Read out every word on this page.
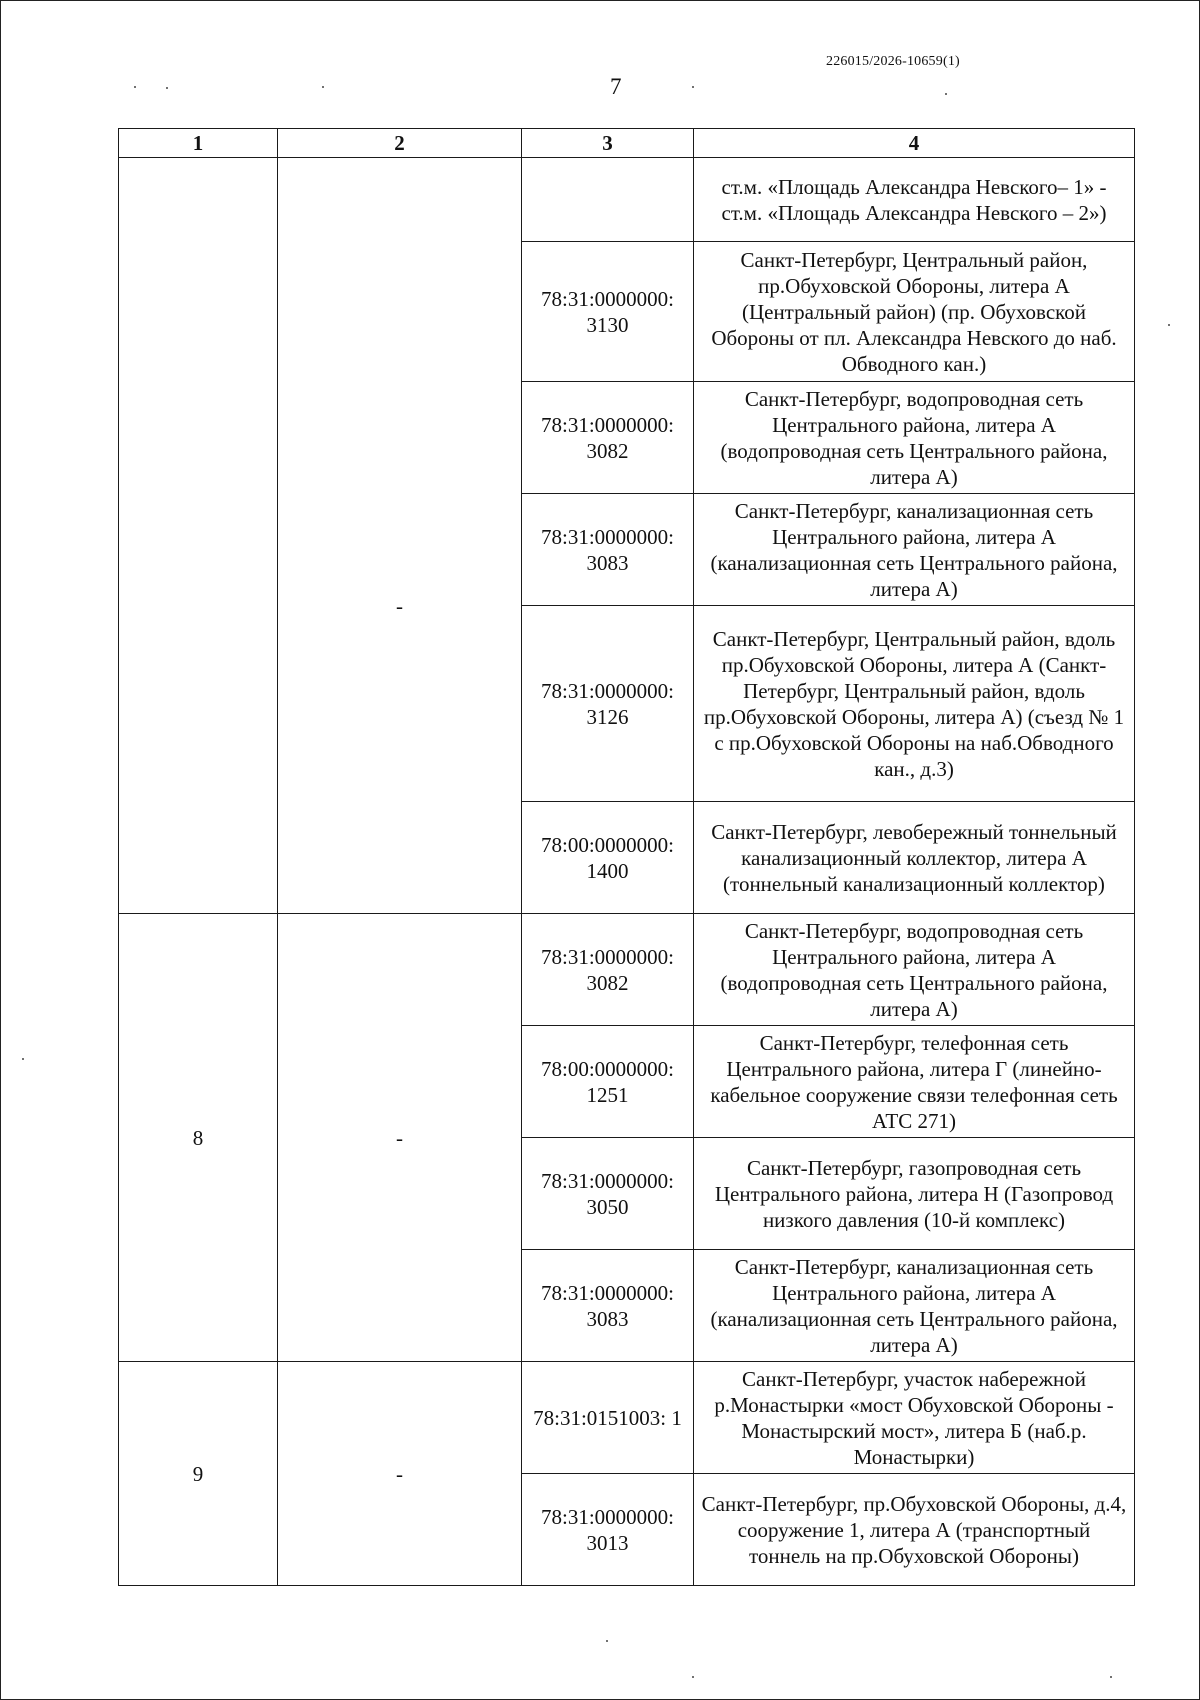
226015/2026-10659(1)
7
1	2	3	4
	-		ст.м. «Площадь Александра Невского– 1» - ст.м. «Площадь Александра Невского – 2»)
		78:31:0000000: 3130	Санкт-Петербург, Центральный район, пр.Обуховской Обороны, литера А (Центральный район) (пр. Обуховской Обороны от пл. Александра Невского до наб. Обводного кан.)
		78:31:0000000: 3082	Санкт-Петербург, водопроводная сеть Центрального района, литера А (водопроводная сеть Центрального района, литера А)
		78:31:0000000: 3083	Санкт-Петербург, канализационная сеть Центрального района, литера А (канализационная сеть Центрального района, литера А)
		78:31:0000000: 3126	Санкт-Петербург, Центральный район, вдоль пр.Обуховской Обороны, литера А (Санкт-Петербург, Центральный район, вдоль пр.Обуховской Обороны, литера А) (съезд № 1 с пр.Обуховской Обороны на наб.Обводного кан., д.3)
		78:00:0000000: 1400	Санкт-Петербург, левобережный тоннельный канализационный коллектор, литера А (тоннельный канализационный коллектор)
8	-	78:31:0000000: 3082	Санкт-Петербург, водопроводная сеть Центрального района, литера А (водопроводная сеть Центрального района, литера А)
		78:00:0000000: 1251	Санкт-Петербург, телефонная сеть Центрального района, литера Г (линейно-кабельное сооружение связи телефонная сеть АТС 271)
		78:31:0000000: 3050	Санкт-Петербург, газопроводная сеть Центрального района, литера Н (Газопровод низкого давления (10-й комплекс)
		78:31:0000000: 3083	Санкт-Петербург, канализационная сеть Центрального района, литера А (канализационная сеть Центрального района, литера А)
9	-	78:31:0151003: 1	Санкт-Петербург, участок набережной р.Монастырки «мост Обуховской Обороны - Монастырский мост», литера Б (наб.р. Монастырки)
		78:31:0000000: 3013	Санкт-Петербург, пр.Обуховской Обороны, д.4, сооружение 1, литера А (транспортный тоннель на пр.Обуховской Обороны)
